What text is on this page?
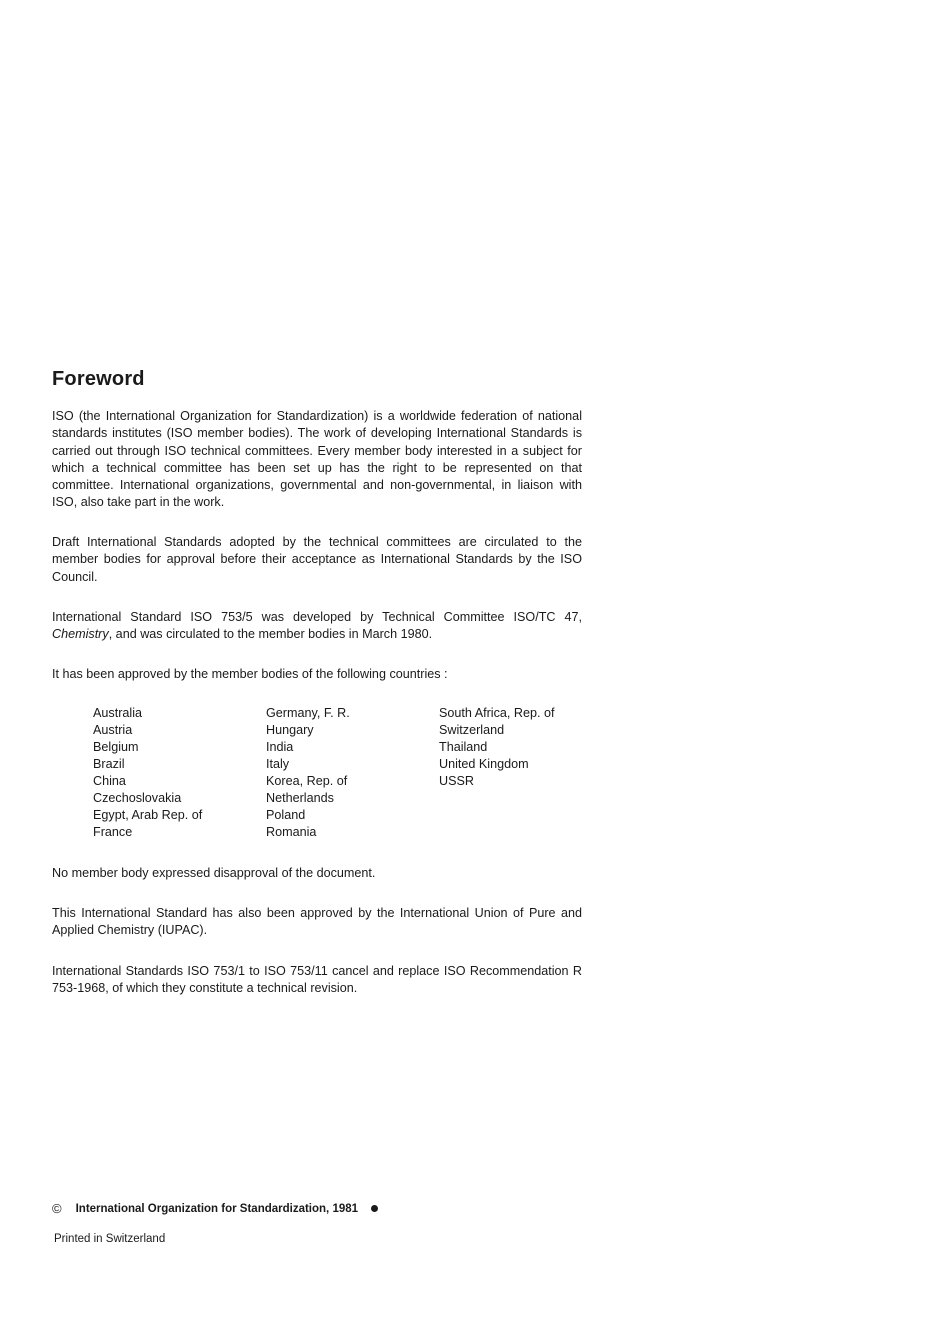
Foreword

ISO (the International Organization for Standardization) is a worldwide federation of national standards institutes (ISO member bodies). The work of developing International Standards is carried out through ISO technical committees. Every member body interested in a subject for which a technical committee has been set up has the right to be represented on that committee. International organizations, governmental and non-governmental, in liaison with ISO, also take part in the work.

Draft International Standards adopted by the technical committees are circulated to the member bodies for approval before their acceptance as International Standards by the ISO Council.

International Standard ISO 753/5 was developed by Technical Committee ISO/TC 47, Chemistry, and was circulated to the member bodies in March 1980.

It has been approved by the member bodies of the following countries :

Australia
Austria
Belgium
Brazil
China
Czechoslovakia
Egypt, Arab Rep. of
France
Germany, F. R.
Hungary
India
Italy
Korea, Rep. of
Netherlands
Poland
Romania
South Africa, Rep. of
Switzerland
Thailand
United Kingdom
USSR

No member body expressed disapproval of the document.

This International Standard has also been approved by the International Union of Pure and Applied Chemistry (IUPAC).

International Standards ISO 753/1 to ISO 753/11 cancel and replace ISO Recommendation R 753-1968, of which they constitute a technical revision.

© International Organization for Standardization, 1981

Printed in Switzerland
